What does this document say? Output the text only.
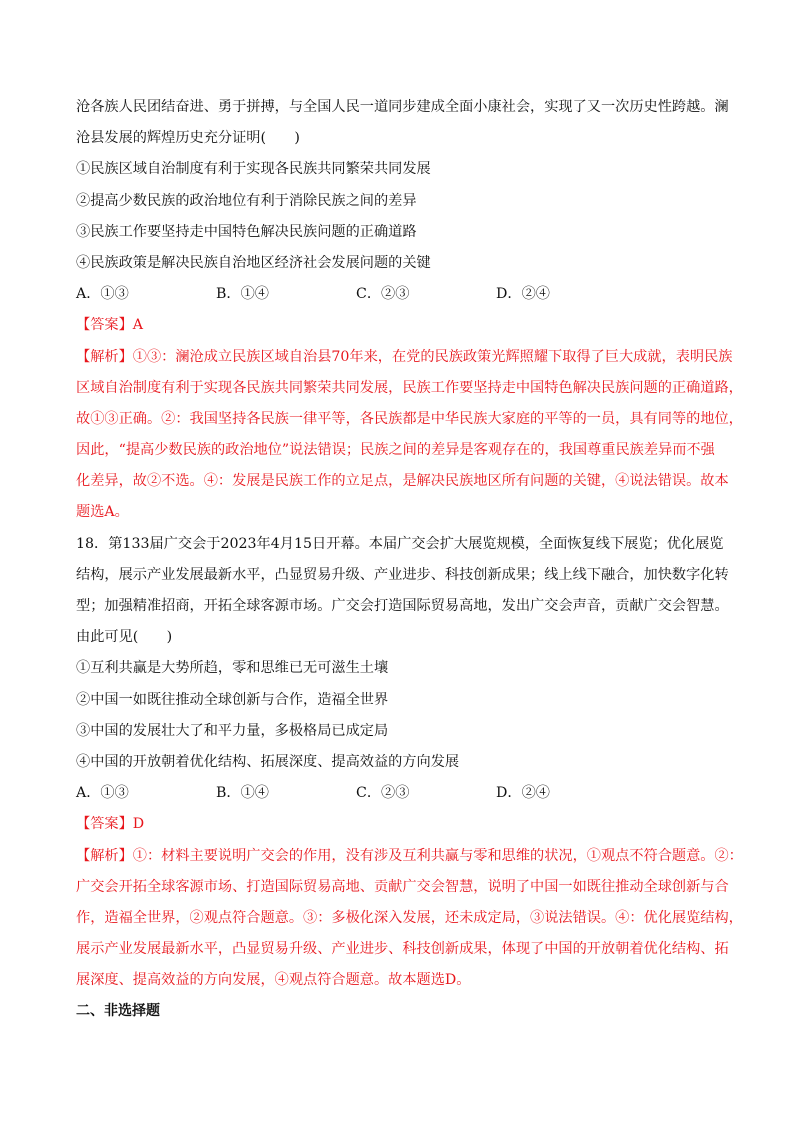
沧各族人民团结奋进、勇于拼搏，与全国人民一道同步建成全面小康社会，实现了又一次历史性跨越。澜
沧县发展的辉煌历史充分证明(　　)
①民族区域自治制度有利于实现各民族共同繁荣共同发展
②提高少数民族的政治地位有利于消除民族之间的差异
③民族工作要坚持走中国特色解决民族问题的正确道路
④民族政策是解决民族自治地区经济社会发展问题的关键
A．①③	B．①④	C．②③	D．②④
【答案】A
【解析】①③：澜沧成立民族区域自治县70年来，在党的民族政策光辉照耀下取得了巨大成就，表明民族
区域自治制度有利于实现各民族共同繁荣共同发展，民族工作要坚持走中国特色解决民族问题的正确道路，
故①③正确。②：我国坚持各民族一律平等，各民族都是中华民族大家庭的平等的一员，具有同等的地位，
因此，“提高少数民族的政治地位”说法错误；民族之间的差异是客观存在的，我国尊重民族差异而不强
化差异，故②不选。④：发展是民族工作的立足点，是解决民族地区所有问题的关键，④说法错误。故本
题选A。
18．第133届广交会于2023年4月15日开幕。本届广交会扩大展览规模，全面恢复线下展览；优化展览
结构，展示产业发展最新水平，凸显贸易升级、产业进步、科技创新成果；线上线下融合，加快数字化转
型；加强精准招商，开拓全球客源市场。广交会打造国际贸易高地，发出广交会声音，贡献广交会智慧。
由此可见(　　)
①互利共赢是大势所趋，零和思维已无可滋生土壤
②中国一如既往推动全球创新与合作，造福全世界
③中国的发展壮大了和平力量，多极格局已成定局
④中国的开放朝着优化结构、拓展深度、提高效益的方向发展
A．①③	B．①④	C．②③	D．②④
【答案】D
【解析】①：材料主要说明广交会的作用，没有涉及互利共赢与零和思维的状况，①观点不符合题意。②：
广交会开拓全球客源市场、打造国际贸易高地、贡献广交会智慧，说明了中国一如既往推动全球创新与合
作，造福全世界，②观点符合题意。③：多极化深入发展，还未成定局，③说法错误。④：优化展览结构，
展示产业发展最新水平，凸显贸易升级、产业进步、科技创新成果，体现了中国的开放朝着优化结构、拓
展深度、提高效益的方向发展，④观点符合题意。故本题选D。
二、非选择题
